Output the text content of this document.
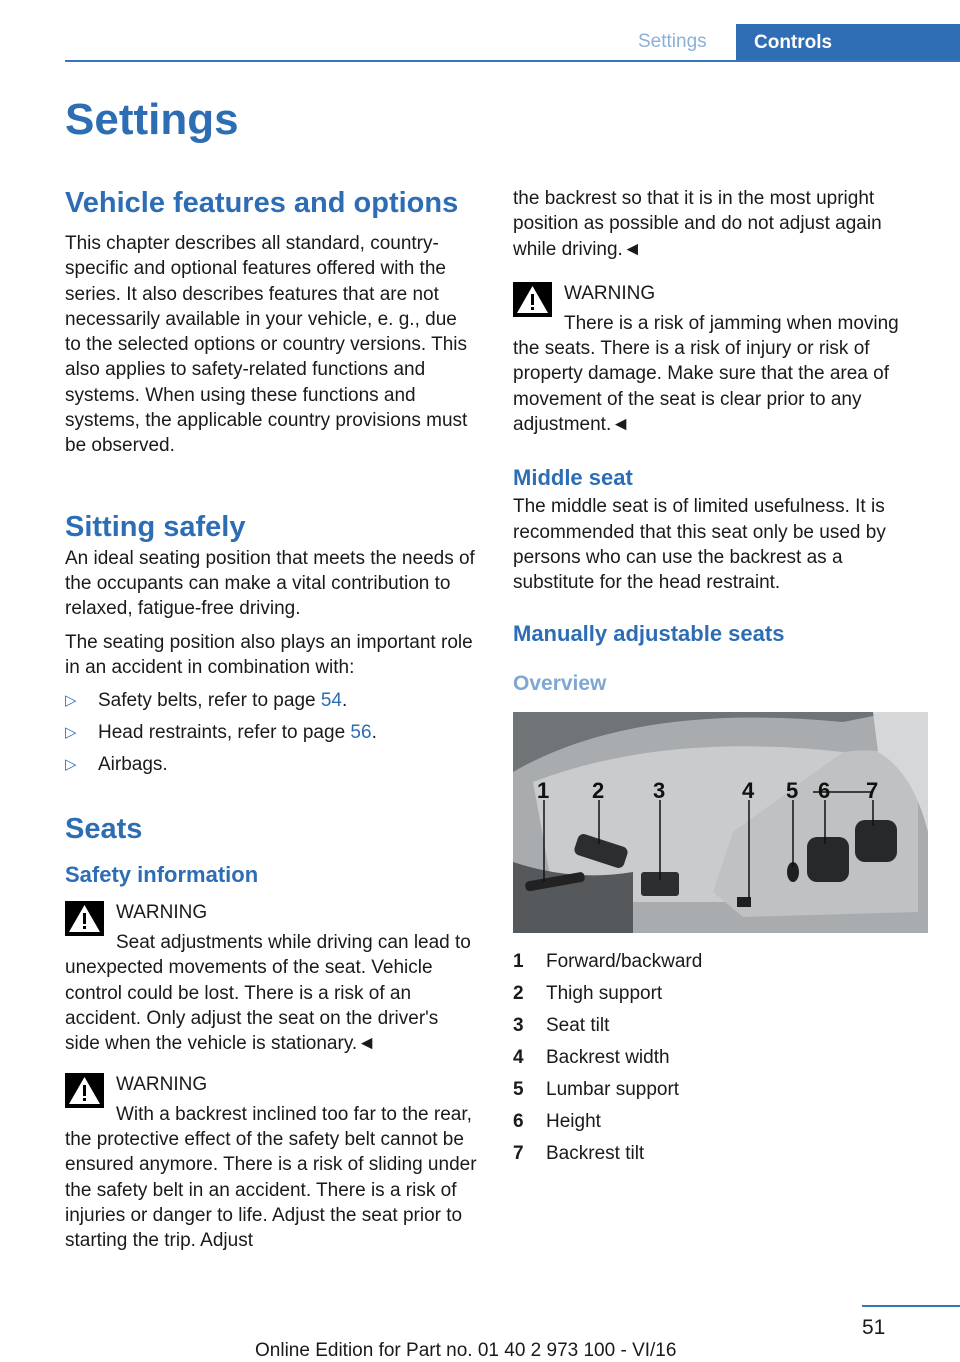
Settings	Controls
Settings
Vehicle features and options

This chapter describes all standard, country-specific and optional features offered with the series. It also describes features that are not necessarily available in your vehicle, e. g., due to the selected options or country versions. This also applies to safety-related functions and systems. When using these functions and systems, the applicable country provisions must be observed.

Sitting safely

An ideal seating position that meets the needs of the occupants can make a vital contribution to relaxed, fatigue-free driving.

The seating position also plays an important role in an accident in combination with:

▷ Safety belts, refer to page 54.
▷ Head restraints, refer to page 56.
▷ Airbags.
Seats
Safety information
WARNING

Seat adjustments while driving can lead to unexpected movements of the seat. Vehicle control could be lost. There is a risk of an accident. Only adjust the seat on the driver's side when the vehicle is stationary.◄

WARNING

With a backrest inclined too far to the rear, the protective effect of the safety belt cannot be ensured anymore. There is a risk of sliding under the safety belt in an accident. There is a risk of injuries or danger to life. Adjust the seat prior to starting the trip. Adjust

the backrest so that it is in the most upright position as possible and do not adjust again while driving.◄

WARNING

There is a risk of jamming when moving the seats. There is a risk of injury or risk of property damage. Make sure that the area of movement of the seat is clear prior to any adjustment.◄

Middle seat

The middle seat is of limited usefulness. It is recommended that this seat only be used by persons who can use the backrest as a substitute for the head restraint.

Manually adjustable seats
Overview
1 2 3	4 5 6 7
1 Forward/backward
2 Thigh support
3 Seat tilt
4 Backrest width
5 Lumbar support
6 Height
7 Backrest tilt
51
Online Edition for Part no. 01 40 2 973 100 - VI/16
